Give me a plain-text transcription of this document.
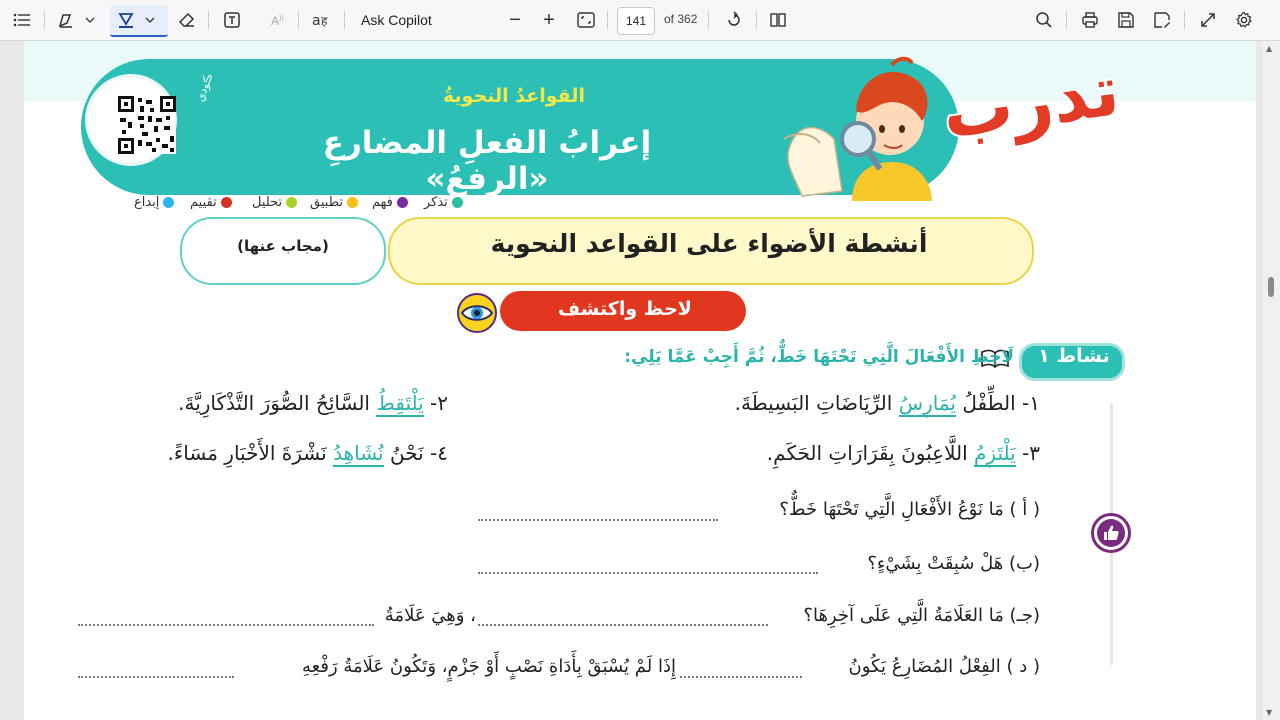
A )) a ह Ask Copilot	− +	141	of 362
ڪودي	القواعدُ النحويةُ
إعرابُ الفعلِ المضارعِ «الرفعُ»
تدرب
تذكر
فهم
تطبيق
تحليل
تقييم
إبداع
أنشطة الأضواء على القواعد النحوية
(مجاب عنها)
لاحظ واكتشف
نشاط ١
لَاحِظِ الأَفْعَالَ الَّتِي تَحْتَهَا خَطٌّ، ثُمَّ أَجِبْ عَمَّا يَلِي:
١- الطِّفْلُ يُمَارِسُ الرِّيَاضَاتِ البَسِيطَةَ.
٢- يَلْتَقِطُ السَّائِحُ الصُّوَرَ التَّذْكَارِيَّةَ.
٣- يَلْتَزِمُ اللَّاعِبُونَ بِقَرَارَاتِ الحَكَمِ.
٤- نَحْنُ نُشَاهِدُ نَشْرَةَ الأَخْبَارِ مَسَاءً.
( أ ) مَا نَوْعُ الأَفْعَالِ الَّتِي تَحْتَهَا خَطٌّ؟
(ب) هَلْ سُبِقَتْ بِشَيْءٍ؟
(جـ) مَا العَلَامَةُ الَّتِي عَلَى آخِرِهَا؟
، وَهِيَ عَلَامَةُ
( د ) الفِعْلُ المُضَارِعُ يَكُونُ
إِذَا لَمْ يُسْبَقْ بِأَدَاةِ نَصْبٍ أَوْ جَزْمٍ، وَتَكُونُ عَلَامَةُ رَفْعِهِ
▲
▼
